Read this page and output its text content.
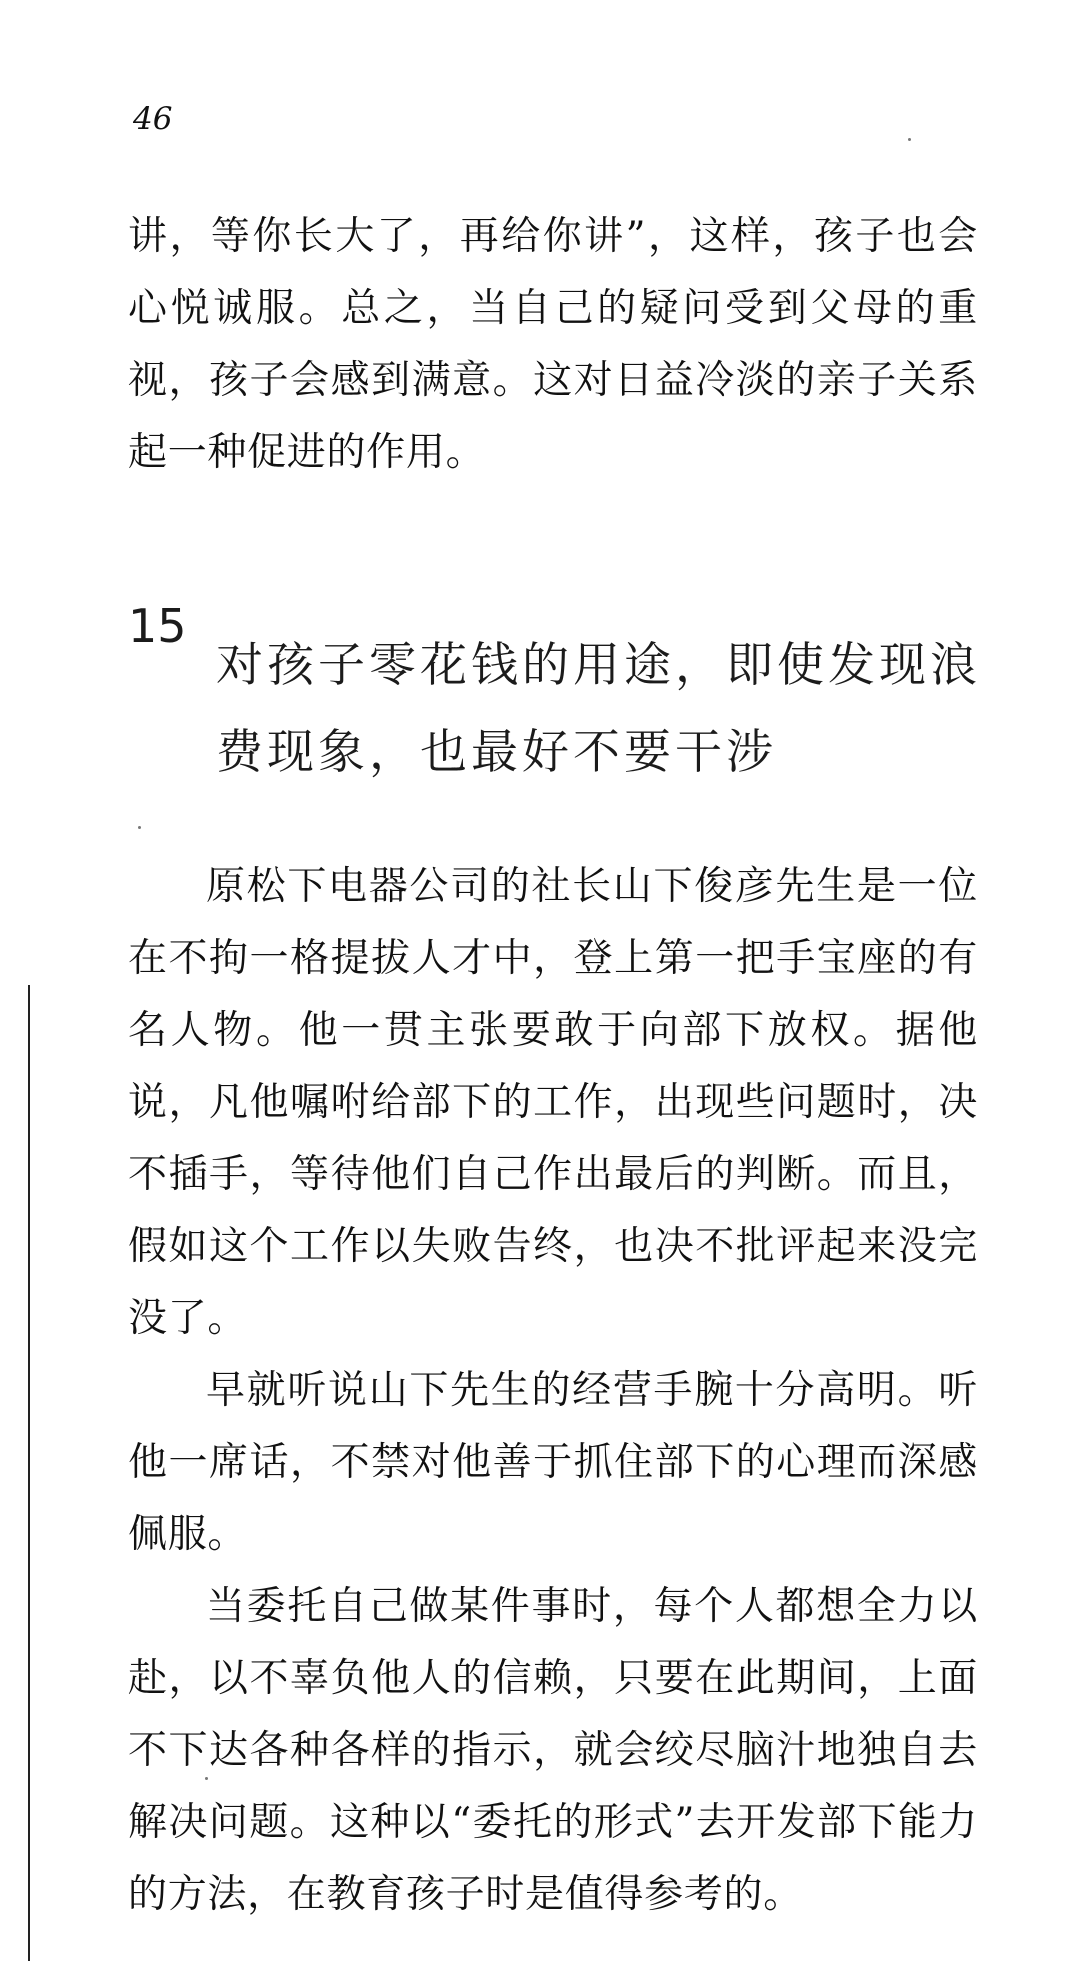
46

讲，等你长大了，再给你讲”，这样，孩子也会心悦诚服。总之，当自己的疑问受到父母的重视，孩子会感到满意。这对日益冷淡的亲子关系起一种促进的作用。

15
对孩子零花钱的用途，即使发现浪费现象，也最好不要干涉

原松下电器公司的社长山下俊彦先生是一位在不拘一格提拔人才中，登上第一把手宝座的有名人物。他一贯主张要敢于向部下放权。据他说，凡他嘱咐给部下的工作，出现些问题时，决不插手，等待他们自己作出最后的判断。而且，假如这个工作以失败告终，也决不批评起来没完没了。

早就听说山下先生的经营手腕十分高明。听他一席话，不禁对他善于抓住部下的心理而深感佩服。

当委托自己做某件事时，每个人都想全力以赴，以不辜负他人的信赖，只要在此期间，上面不下达各种各样的指示，就会绞尽脑汁地独自去解决问题。这种以“委托的形式”去开发部下能力的方法，在教育孩子时是值得参考的。
